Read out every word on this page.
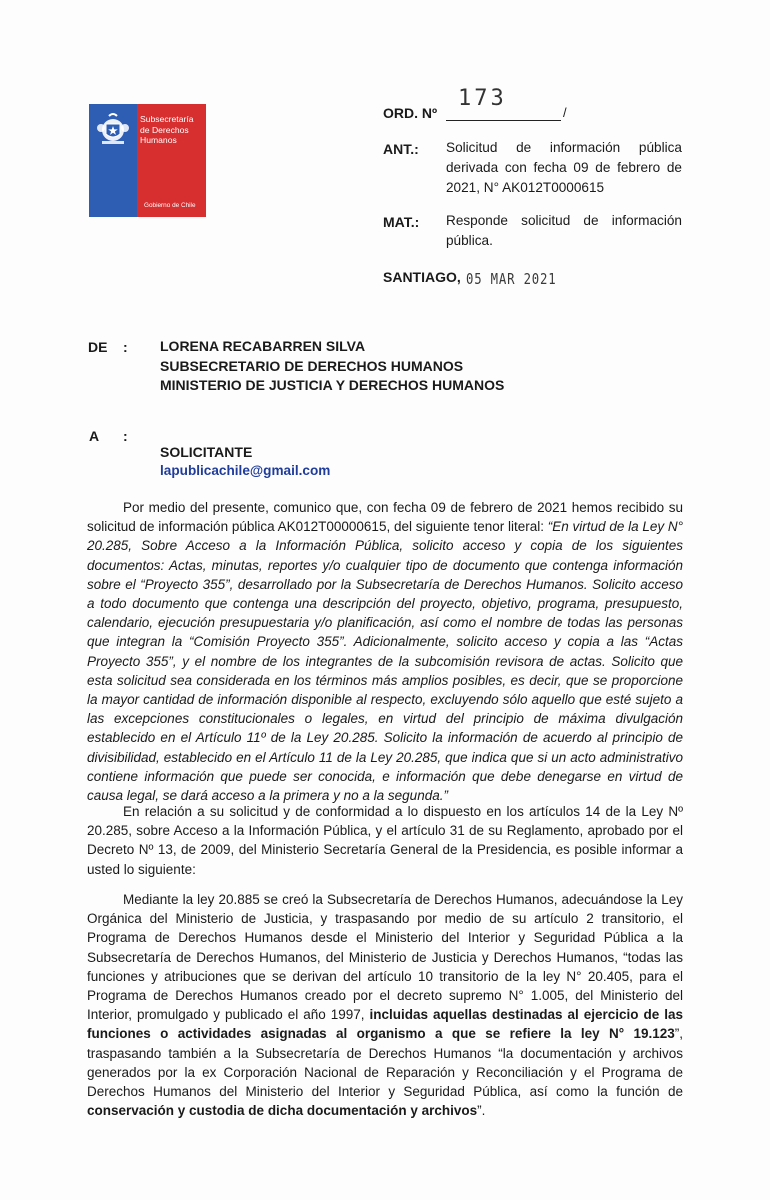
Subsecretaría
de Derechos
Humanos
Gobierno de Chile
ORD. Nº
173
/
ANT.: Solicitud de información pública derivada con fecha 09 de febrero de 2021, N° AK012T0000615
MAT.: Responde solicitud de información
pública.
SANTIAGO, 05 MAR 2021
DE : LORENA RECABARREN SILVA
SUBSECRETARIO DE DERECHOS HUMANOS
MINISTERIO DE JUSTICIA Y DERECHOS HUMANOS
A :
SOLICITANTE
lapublicachile@gmail.com
Por medio del presente, comunico que, con fecha 09 de febrero de 2021 hemos recibido su solicitud de información pública AK012T00000615, del siguiente tenor literal: “En virtud de la Ley N° 20.285, Sobre Acceso a la Información Pública, solicito acceso y copia de los siguientes documentos: Actas, minutas, reportes y/o cualquier tipo de documento que contenga información sobre el “Proyecto 355”, desarrollado por la Subsecretaría de Derechos Humanos. Solicito acceso a todo documento que contenga una descripción del proyecto, objetivo, programa, presupuesto, calendario, ejecución presupuestaria y/o planificación, así como el nombre de todas las personas que integran la “Comisión Proyecto 355”. Adicionalmente, solicito acceso y copia a las “Actas Proyecto 355”, y el nombre de los integrantes de la subcomisión revisora de actas. Solicito que esta solicitud sea considerada en los términos más amplios posibles, es decir, que se proporcione la mayor cantidad de información disponible al respecto, excluyendo sólo aquello que esté sujeto a las excepciones constitucionales o legales, en virtud del principio de máxima divulgación establecido en el Artículo 11º de la Ley 20.285. Solicito la información de acuerdo al principio de divisibilidad, establecido en el Artículo 11 de la Ley 20.285, que indica que si un acto administrativo contiene información que puede ser conocida, e información que debe denegarse en virtud de causa legal, se dará acceso a la primera y no a la segunda.”
En relación a su solicitud y de conformidad a lo dispuesto en los artículos 14 de la Ley Nº 20.285, sobre Acceso a la Información Pública, y el artículo 31 de su Reglamento, aprobado por el Decreto Nº 13, de 2009, del Ministerio Secretaría General de la Presidencia, es posible informar a usted lo siguiente:
Mediante la ley 20.885 se creó la Subsecretaría de Derechos Humanos, adecuándose la Ley Orgánica del Ministerio de Justicia, y traspasando por medio de su artículo 2 transitorio, el Programa de Derechos Humanos desde el Ministerio del Interior y Seguridad Pública a la Subsecretaría de Derechos Humanos, del Ministerio de Justicia y Derechos Humanos, “todas las funciones y atribuciones que se derivan del artículo 10 transitorio de la ley N° 20.405, para el Programa de Derechos Humanos creado por el decreto supremo N° 1.005, del Ministerio del Interior, promulgado y publicado el año 1997, incluidas aquellas destinadas al ejercicio de las funciones o actividades asignadas al organismo a que se refiere la ley N° 19.123”, traspasando también a la Subsecretaría de Derechos Humanos “la documentación y archivos generados por la ex Corporación Nacional de Reparación y Reconciliación y el Programa de Derechos Humanos del Ministerio del Interior y Seguridad Pública, así como la función de conservación y custodia de dicha documentación y archivos”.
